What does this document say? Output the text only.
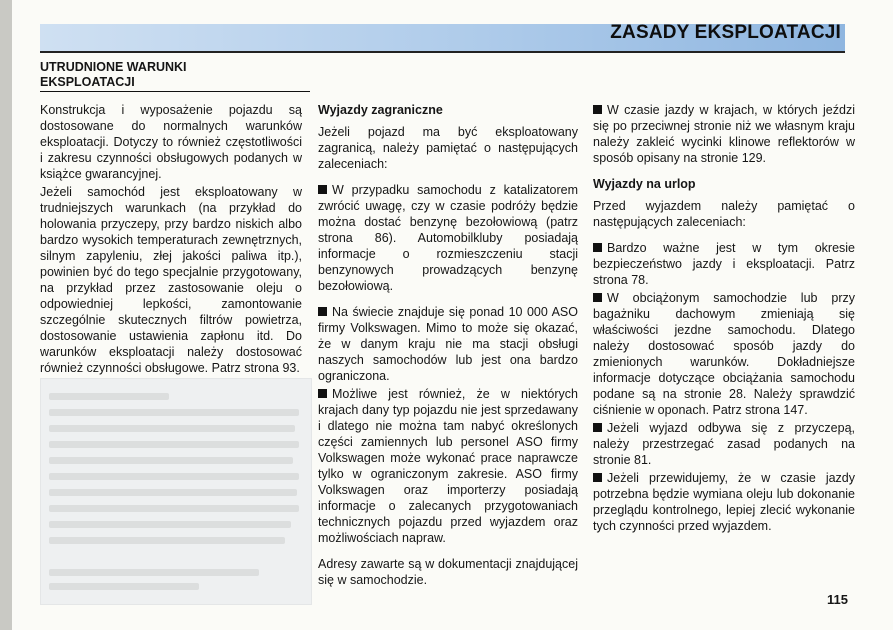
ZASADY EKSPLOATACJI
UTRUDNIONE WARUNKI
EKSPLOATACJI

Konstrukcja i wyposażenie pojazdu są dostosowane do normalnych warunków eksploatacji. Dotyczy to również częstotliwości i zakresu czynności obsługowych podanych w książce gwarancyjnej.

Jeżeli samochód jest eksploatowany w trudniejszych warunkach (na przykład do holowania przyczepy, przy bardzo niskich albo bardzo wysokich temperaturach zewnętrznych, silnym zapyleniu, złej jakości paliwa itp.), powinien być do tego specjalnie przygotowany, na przykład przez zastosowanie oleju o odpowiedniej lepkości, zamontowanie szczególnie skutecznych filtrów powietrza, dostosowanie ustawienia zapłonu itd. Do warunków eksploatacji należy dostosować również czynności obsługowe. Patrz strona 93.

Wyjazdy zagraniczne

Jeżeli pojazd ma być eksploatowany zagranicą, należy pamiętać o następujących zaleceniach:

W przypadku samochodu z katalizatorem zwrócić uwagę, czy w czasie podróży będzie można dostać benzynę bezołowiową (patrz strona 86). Automobilkluby posiadają informacje o rozmieszczeniu stacji benzynowych prowadzących benzynę bezołowiową.

Na świecie znajduje się ponad 10 000 ASO firmy Volkswagen. Mimo to może się okazać, że w danym kraju nie ma stacji obsługi naszych samochodów lub jest ona bardzo ograniczona.

Możliwe jest również, że w niektórych krajach dany typ pojazdu nie jest sprzedawany i dlatego nie można tam nabyć określonych części zamiennych lub personel ASO firmy Volkswagen może wykonać prace naprawcze tylko w ograniczonym zakresie. ASO firmy Volkswagen oraz importerzy posiadają informacje o zalecanych przygotowaniach technicznych pojazdu przed wyjazdem oraz możliwościach napraw.

Adresy zawarte są w dokumentacji znajdującej się w samochodzie.

W czasie jazdy w krajach, w których jeździ się po przeciwnej stronie niż we własnym kraju należy zakleić wycinki klinowe reflektorów w sposób opisany na stronie 129.

Wyjazdy na urlop

Przed wyjazdem należy pamiętać o następujących zaleceniach:

Bardzo ważne jest w tym okresie bezpieczeństwo jazdy i eksploatacji. Patrz strona 78.

W obciążonym samochodzie lub przy bagażniku dachowym zmieniają się właściwości jezdne samochodu. Dlatego należy dostosować sposób jazdy do zmienionych warunków. Dokładniejsze informacje dotyczące obciążania samochodu podane są na stronie 28. Należy sprawdzić ciśnienie w oponach. Patrz strona 147.

Jeżeli wyjazd odbywa się z przyczepą, należy przestrzegać zasad podanych na stronie 81.

Jeżeli przewidujemy, że w czasie jazdy potrzebna będzie wymiana oleju lub dokonanie przeglądu kontrolnego, lepiej zlecić wykonanie tych czynności przed wyjazdem.

115
